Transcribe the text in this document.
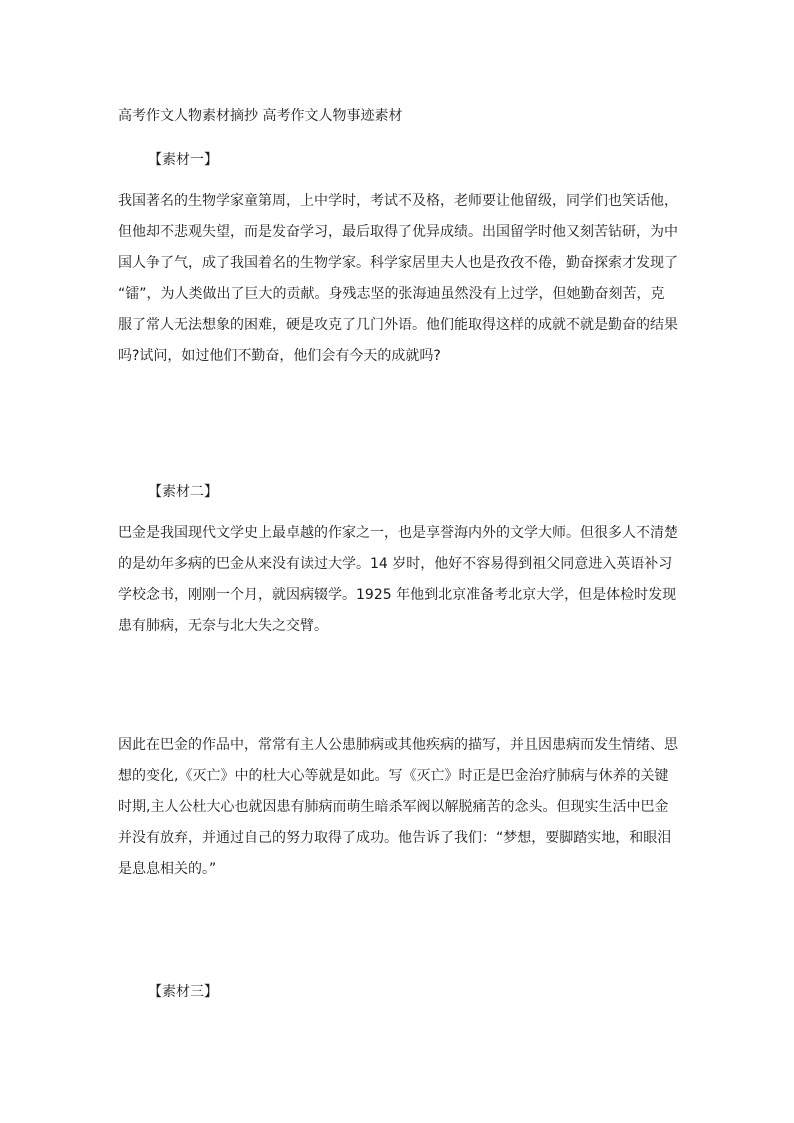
高考作文人物素材摘抄 高考作文人物事迹素材
【素材一】
我国著名的生物学家童第周，上中学时，考试不及格，老师要让他留级，同学们也笑话他，
但他却不悲观失望，而是发奋学习，最后取得了优异成绩。出国留学时他又刻苦钻研，为中
国人争了气，成了我国着名的生物学家。科学家居里夫人也是孜孜不倦，勤奋探索才发现了
“镭”，为人类做出了巨大的贡献。身残志坚的张海迪虽然没有上过学，但她勤奋刻苦，克
服了常人无法想象的困难，硬是攻克了几门外语。他们能取得这样的成就不就是勤奋的结果
吗?试问，如过他们不勤奋，他们会有今天的成就吗?
【素材二】
巴金是我国现代文学史上最卓越的作家之一，也是享誉海内外的文学大师。但很多人不清楚
的是幼年多病的巴金从来没有读过大学。14 岁时，他好不容易得到祖父同意进入英语补习
学校念书，刚刚一个月，就因病辍学。1925 年他到北京准备考北京大学，但是体检时发现
患有肺病，无奈与北大失之交臂。
因此在巴金的作品中，常常有主人公患肺病或其他疾病的描写，并且因患病而发生情绪、思
想的变化,《灭亡》中的杜大心等就是如此。写《灭亡》时正是巴金治疗肺病与休养的关键
时期,主人公杜大心也就因患有肺病而萌生暗杀军阀以解脱痛苦的念头。但现实生活中巴金
并没有放弃，并通过自己的努力取得了成功。他告诉了我们：“梦想，要脚踏实地，和眼泪
是息息相关的。”
【素材三】
